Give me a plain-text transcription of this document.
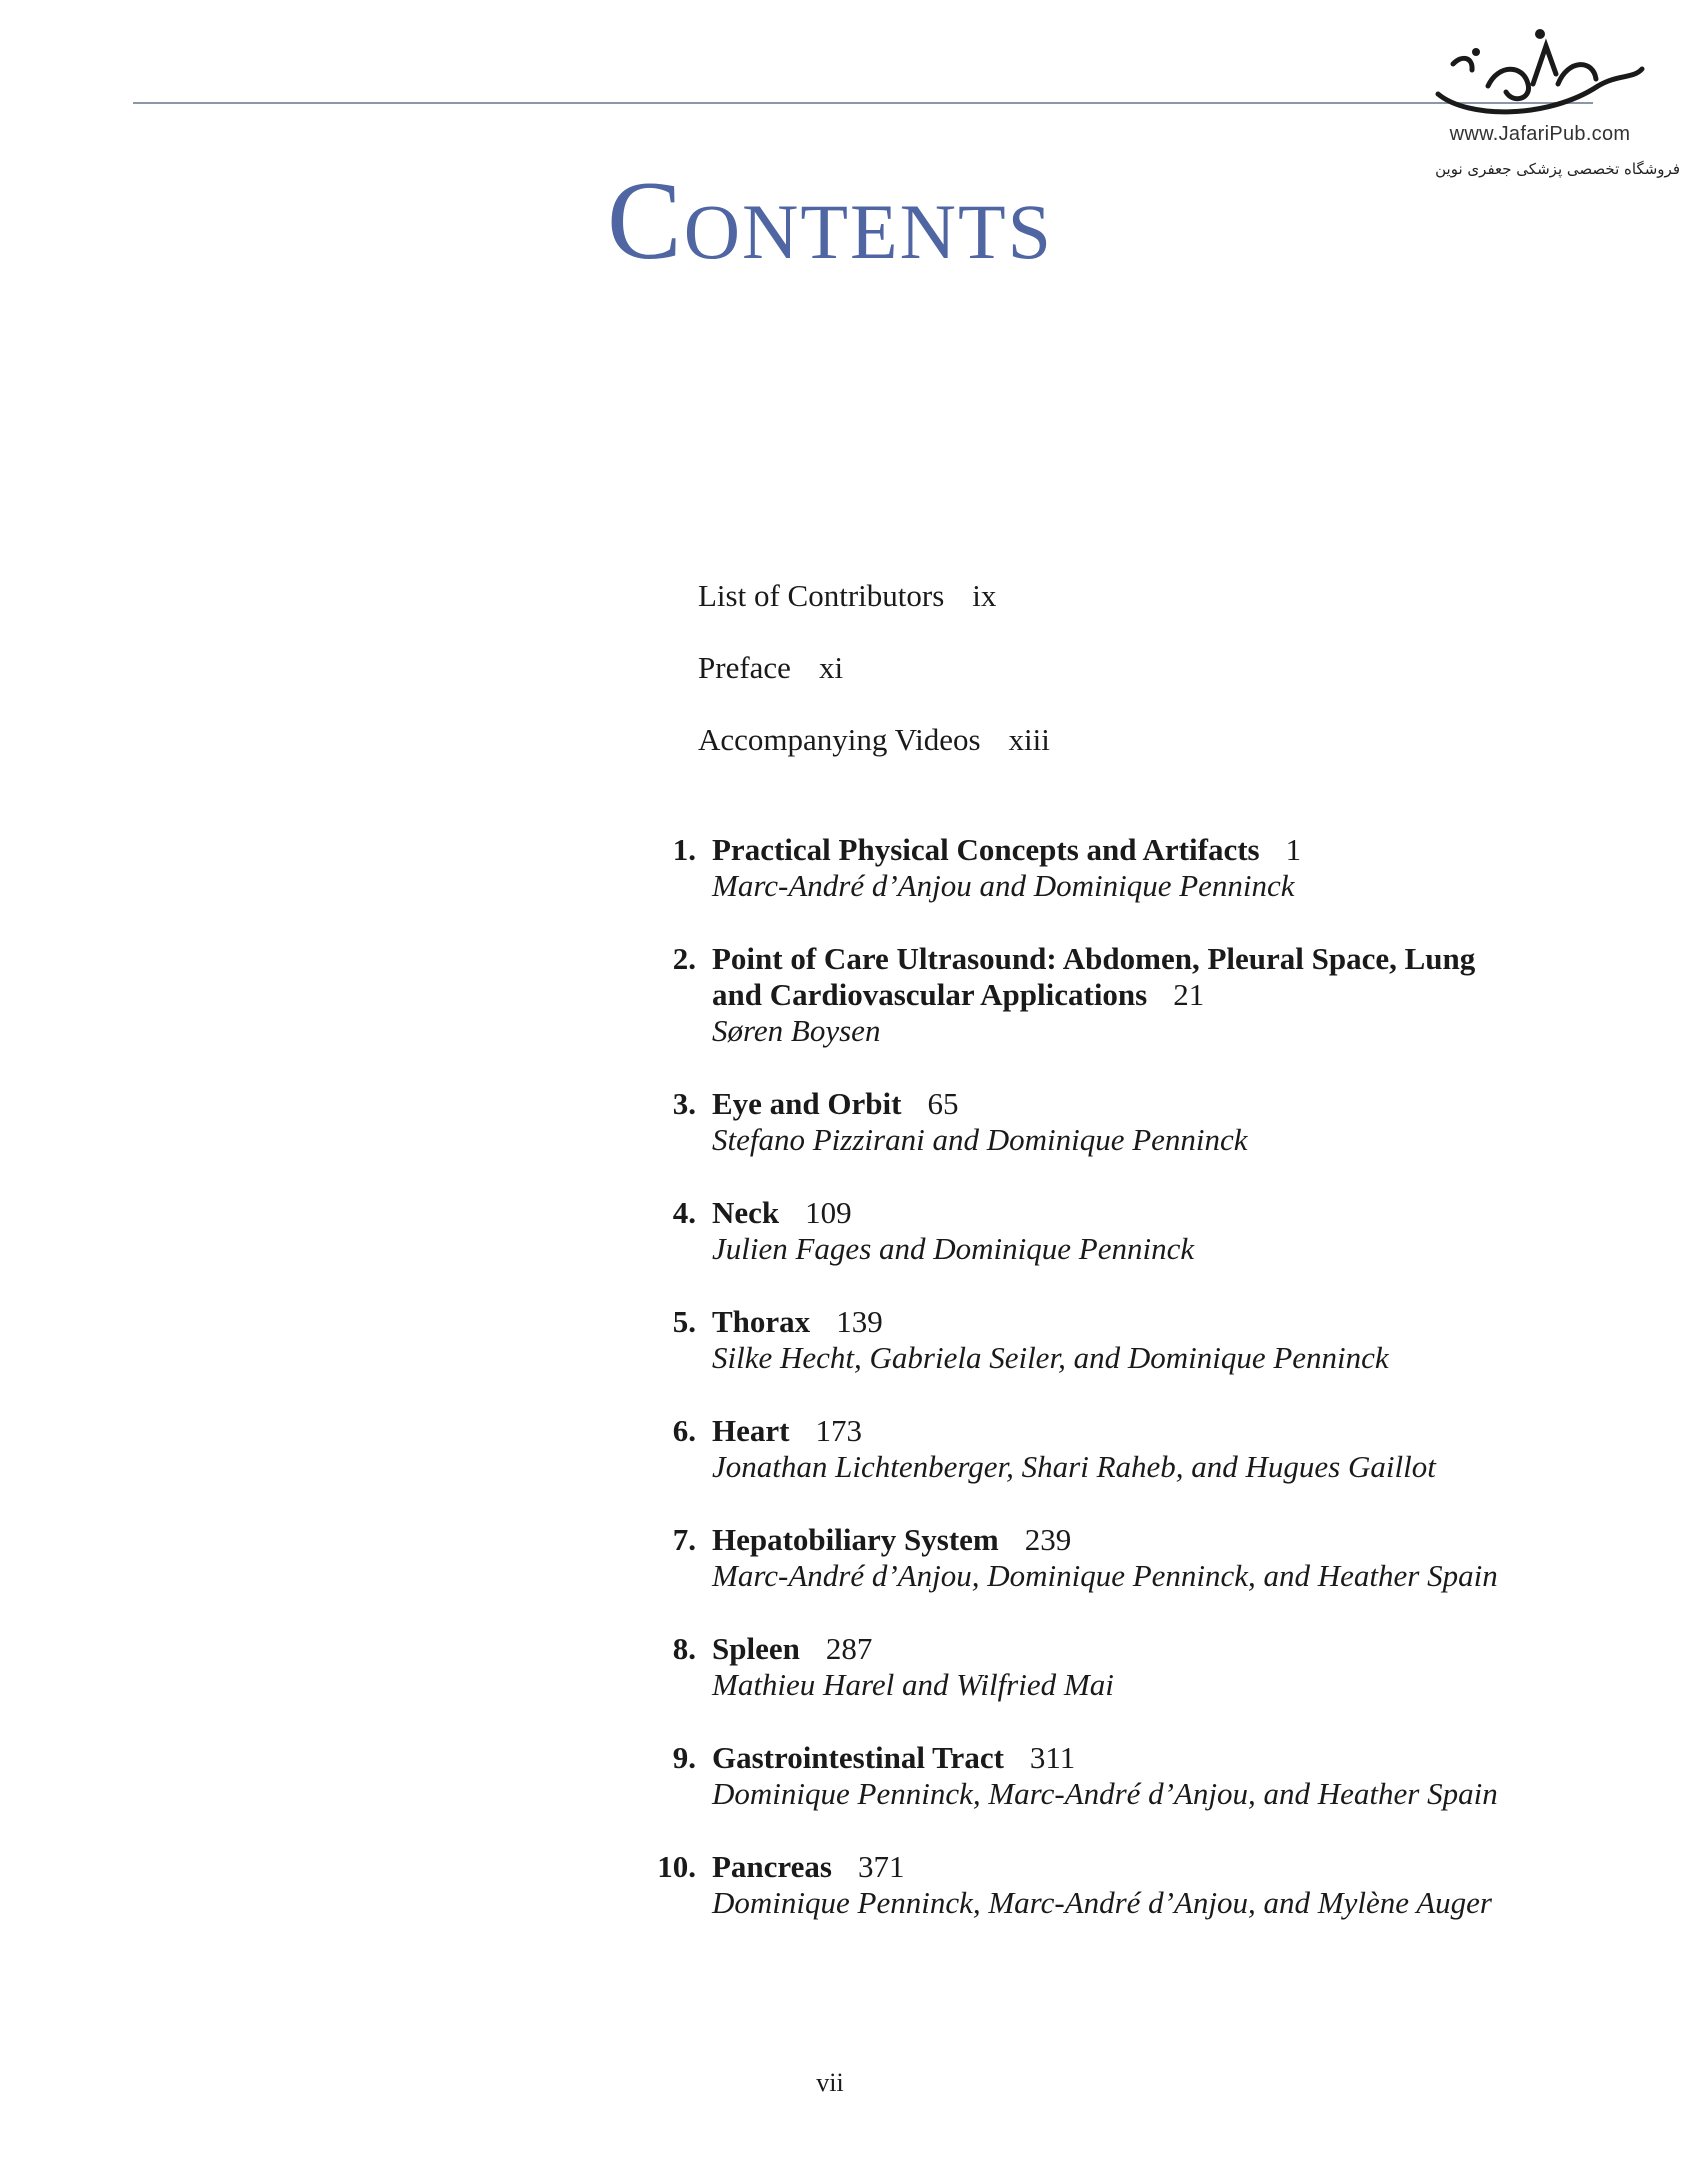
www.JafariPub.com
فروشگاه تخصصی پزشکی جعفری نوین
Contents
List of Contributors ix
Preface xi
Accompanying Videos xiii
1. Practical Physical Concepts and Artifacts 1
Marc-André d’Anjou and Dominique Penninck
2. Point of Care Ultrasound: Abdomen, Pleural Space, Lung
and Cardiovascular Applications 21
Søren Boysen
3. Eye and Orbit 65
Stefano Pizzirani and Dominique Penninck
4. Neck 109
Julien Fages and Dominique Penninck
5. Thorax 139
Silke Hecht, Gabriela Seiler, and Dominique Penninck
6. Heart 173
Jonathan Lichtenberger, Shari Raheb, and Hugues Gaillot
7. Hepatobiliary System 239
Marc-André d’Anjou, Dominique Penninck, and Heather Spain
8. Spleen 287
Mathieu Harel and Wilfried Mai
9. Gastrointestinal Tract 311
Dominique Penninck, Marc-André d’Anjou, and Heather Spain
10. Pancreas 371
Dominique Penninck, Marc-André d’Anjou, and Mylène Auger
vii
